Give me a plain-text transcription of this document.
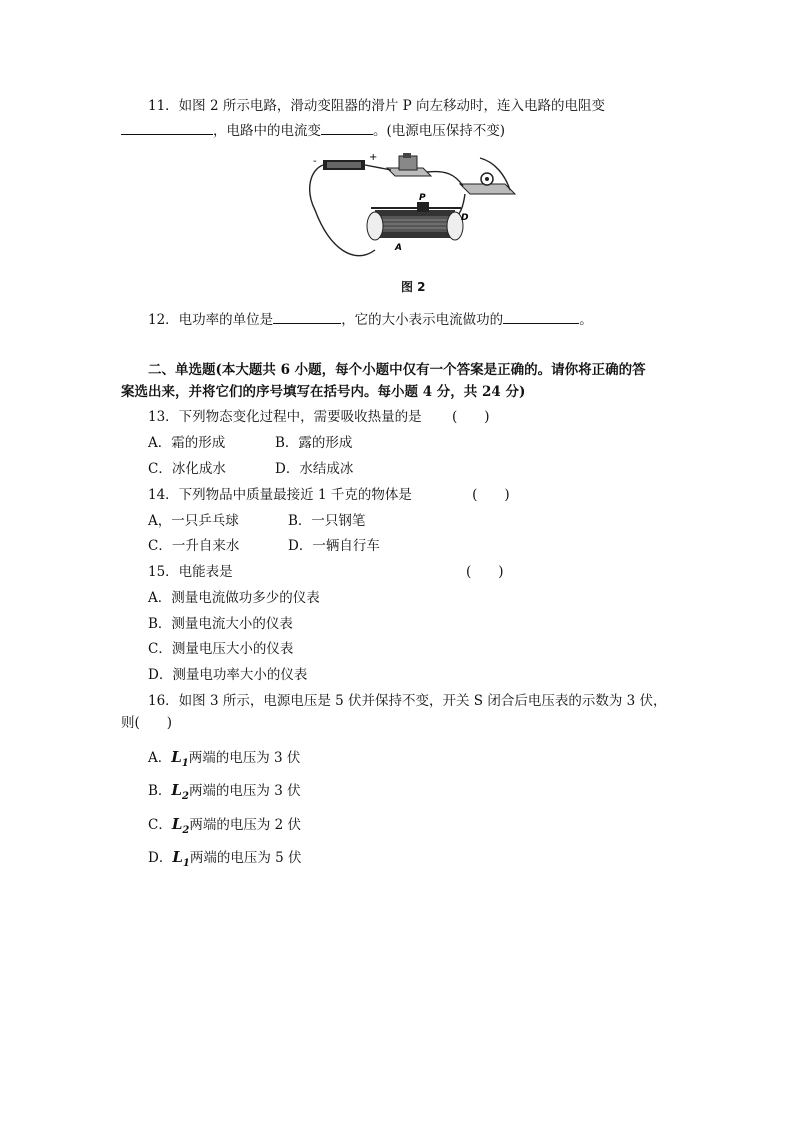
11．如图 2 所示电路，滑动变阻器的滑片 P 向左移动时，连入电路的电阻变
，电路中的电流变	。(电源电压保持不变)
-	+
P
A
D
图 2
12．电功率的单位是	，它的大小表示电流做功的	。
二、单选题(本大题共 6 小题，每个小题中仅有一个答案是正确的。请你将正确的答
案选出来，并将它们的序号填写在括号内。每小题 4 分，共 24 分)
13．下列物态变化过程中，需要吸收热量的是 (　　)
A．霜的形成	B．露的形成
C．冰化成水	D．水结成冰
14．下列物品中质量最接近 1 千克的物体是	(　　)
A，一只乒乓球	B．一只钢笔
C．一升自来水	D．一辆自行车
15．电能表是	(　　)
A．测量电流做功多少的仪表
B．测量电流大小的仪表
C．测量电压大小的仪表
D．测量电功率大小的仪表
16．如图 3 所示，电源电压是 5 伏并保持不变，开关 S 闭合后电压表的示数为 3 伏，
则(　　)
A．$L_1$两端的电压为 3 伏
B．$L_2$两端的电压为 3 伏
C．$L_2$两端的电压为 2 伏
D．$L_1$两端的电压为 5 伏
